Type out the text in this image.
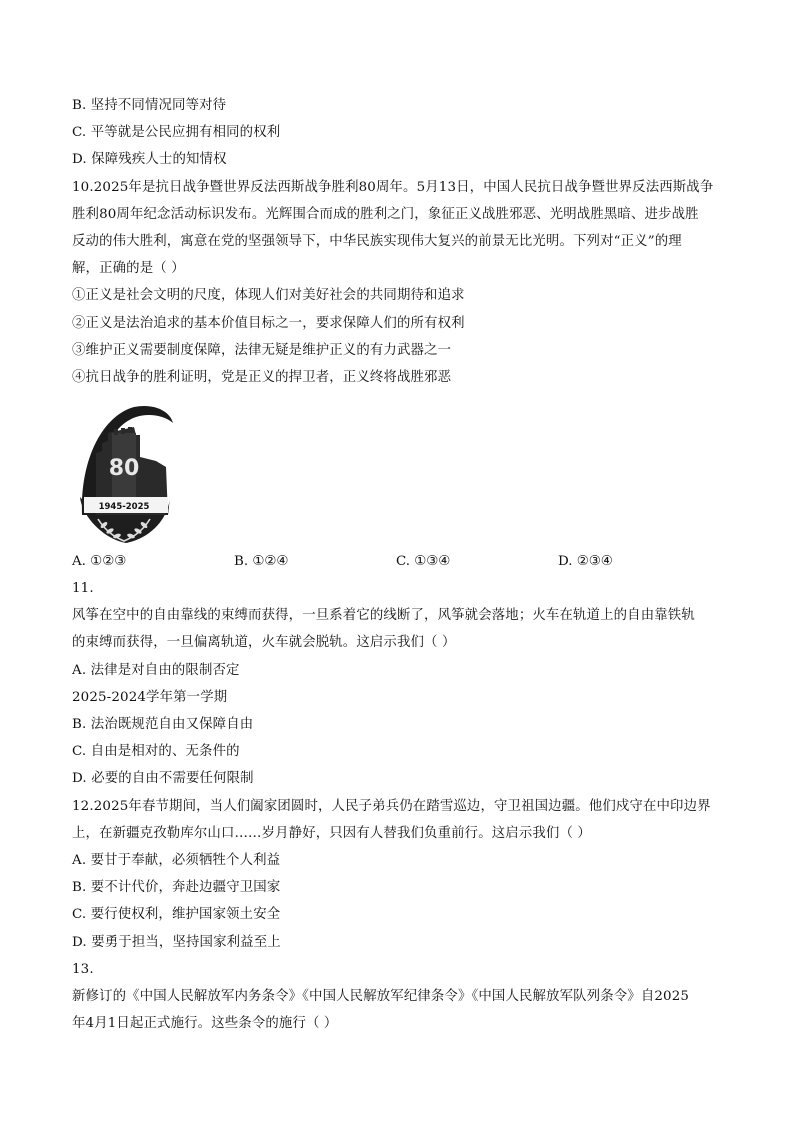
B. 坚持不同情况同等对待
C. 平等就是公民应拥有相同的权利
D. 保障残疾人士的知情权
10.2025年是抗日战争暨世界反法西斯战争胜利80周年。5月13日，中国人民抗日战争暨世界反法西斯战争
胜利80周年纪念活动标识发布。光辉围合而成的胜利之门，象征正义战胜邪恶、光明战胜黑暗、进步战胜
反动的伟大胜利，寓意在党的坚强领导下，中华民族实现伟大复兴的前景无比光明。下列对“正义”的理
解，正确的是（ ）
①正义是社会文明的尺度，体现人们对美好社会的共同期待和追求
②正义是法治追求的基本价值目标之一，要求保障人们的所有权利
③维护正义需要制度保障，法律无疑是维护正义的有力武器之一
④抗日战争的胜利证明，党是正义的捍卫者，正义终将战胜邪恶
80
1945-2025
A. ①②③	B. ①②④	C. ①③④	D. ②③④
11.
风筝在空中的自由靠线的束缚而获得，一旦系着它的线断了，风筝就会落地；火车在轨道上的自由靠铁轨
的束缚而获得，一旦偏离轨道，火车就会脱轨。这启示我们（ ）
A. 法律是对自由的限制否定
2025-2024学年第一学期
B. 法治既规范自由又保障自由
C. 自由是相对的、无条件的
D. 必要的自由不需要任何限制
12.2025年春节期间，当人们阖家团圆时，人民子弟兵仍在踏雪巡边，守卫祖国边疆。他们戍守在中印边界
上，在新疆克孜勒库尔山口……岁月静好，只因有人替我们负重前行。这启示我们（ ）
A. 要甘于奉献，必须牺牲个人利益
B. 要不计代价，奔赴边疆守卫国家
C. 要行使权利，维护国家领土安全
D. 要勇于担当，坚持国家利益至上
13.
新修订的《中国人民解放军内务条令》《中国人民解放军纪律条令》《中国人民解放军队列条令》自2025
年4月1日起正式施行。这些条令的施行（ ）
